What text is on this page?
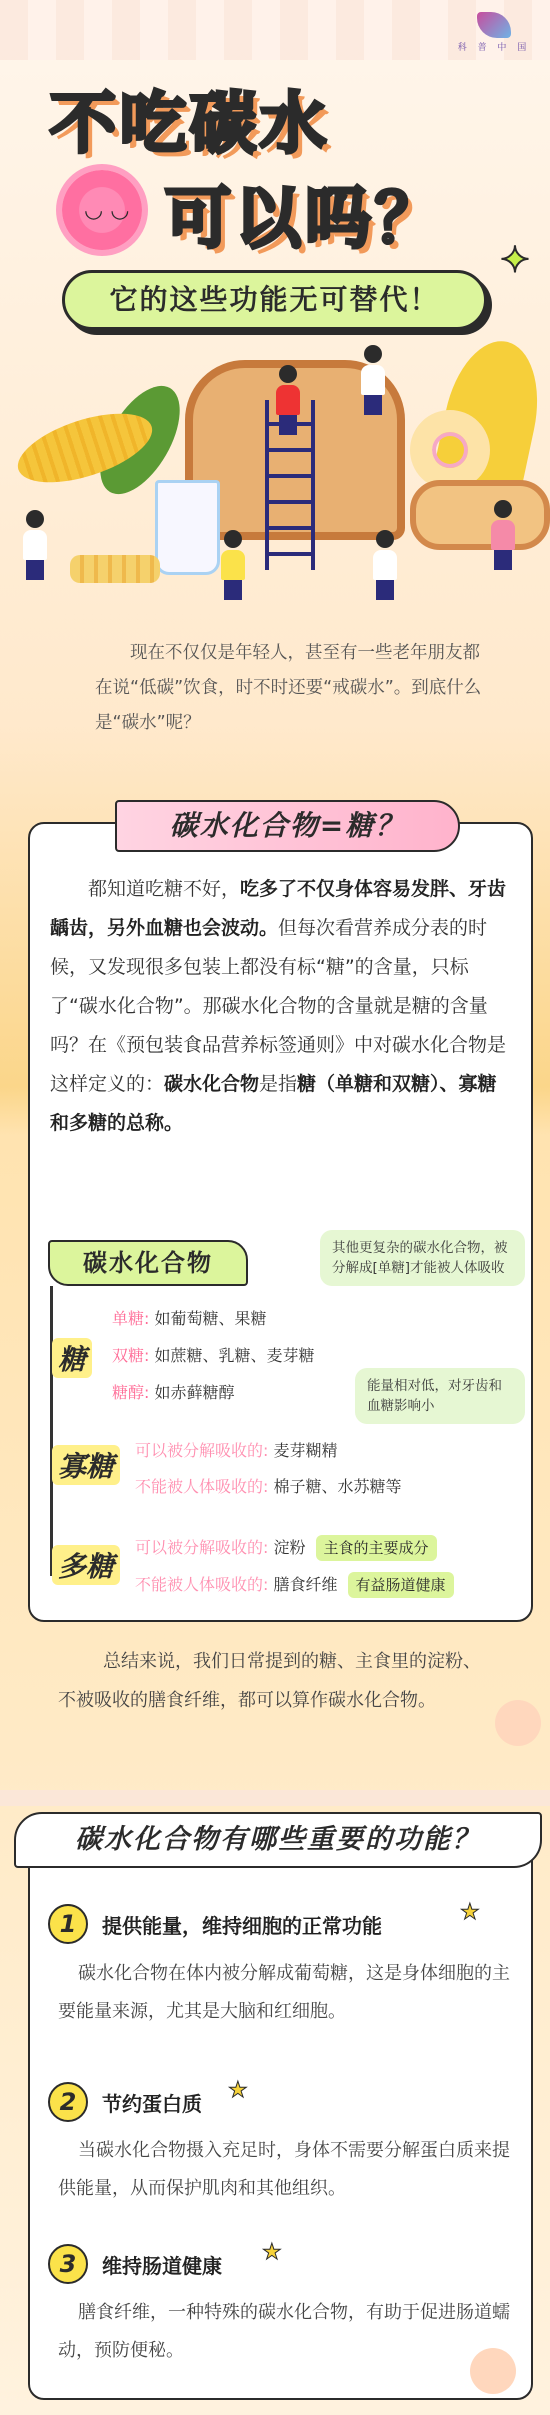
科 普 中 国
不吃碳水
◡ ◡ 可以吗？
✦
它的这些功能无可替代！
现在不仅仅是年轻人，甚至有一些老年朋友都在说“低碳”饮食，时不时还要“戒碳水”。到底什么是“碳水”呢？
碳水化合物=糖？
都知道吃糖不好，吃多了不仅身体容易发胖、牙齿龋齿，另外血糖也会波动。但每次看营养成分表的时候，又发现很多包装上都没有标“糖”的含量，只标了“碳水化合物”。那碳水化合物的含量就是糖的含量吗？在《预包装食品营养标签通则》中对碳水化合物是这样定义的：碳水化合物是指糖（单糖和双糖）、寡糖和多糖的总称。
碳水化合物
其他更复杂的碳水化合物，被分解成[单糖]才能被人体吸收
能量相对低，对牙齿和血糖影响小
糖
单糖: 如葡萄糖、果糖
双糖: 如蔗糖、乳糖、麦芽糖
糖醇: 如赤藓糖醇
寡糖	可以被分解吸收的: 麦芽糊精
不能被人体吸收的: 棉子糖、水苏糖等
多糖
可以被分解吸收的: 淀粉 主食的主要成分
不能被人体吸收的: 膳食纤维 有益肠道健康
总结来说，我们日常提到的糖、主食里的淀粉、不被吸收的膳食纤维，都可以算作碳水化合物。
碳水化合物有哪些重要的功能？
1	提供能量，维持细胞的正常功能
★
碳水化合物在体内被分解成葡萄糖，这是身体细胞的主要能量来源，尤其是大脑和红细胞。
2	节约蛋白质
★
当碳水化合物摄入充足时，身体不需要分解蛋白质来提供能量，从而保护肌肉和其他组织。
3	维持肠道健康
★
膳食纤维，一种特殊的碳水化合物，有助于促进肠道蠕动，预防便秘。
